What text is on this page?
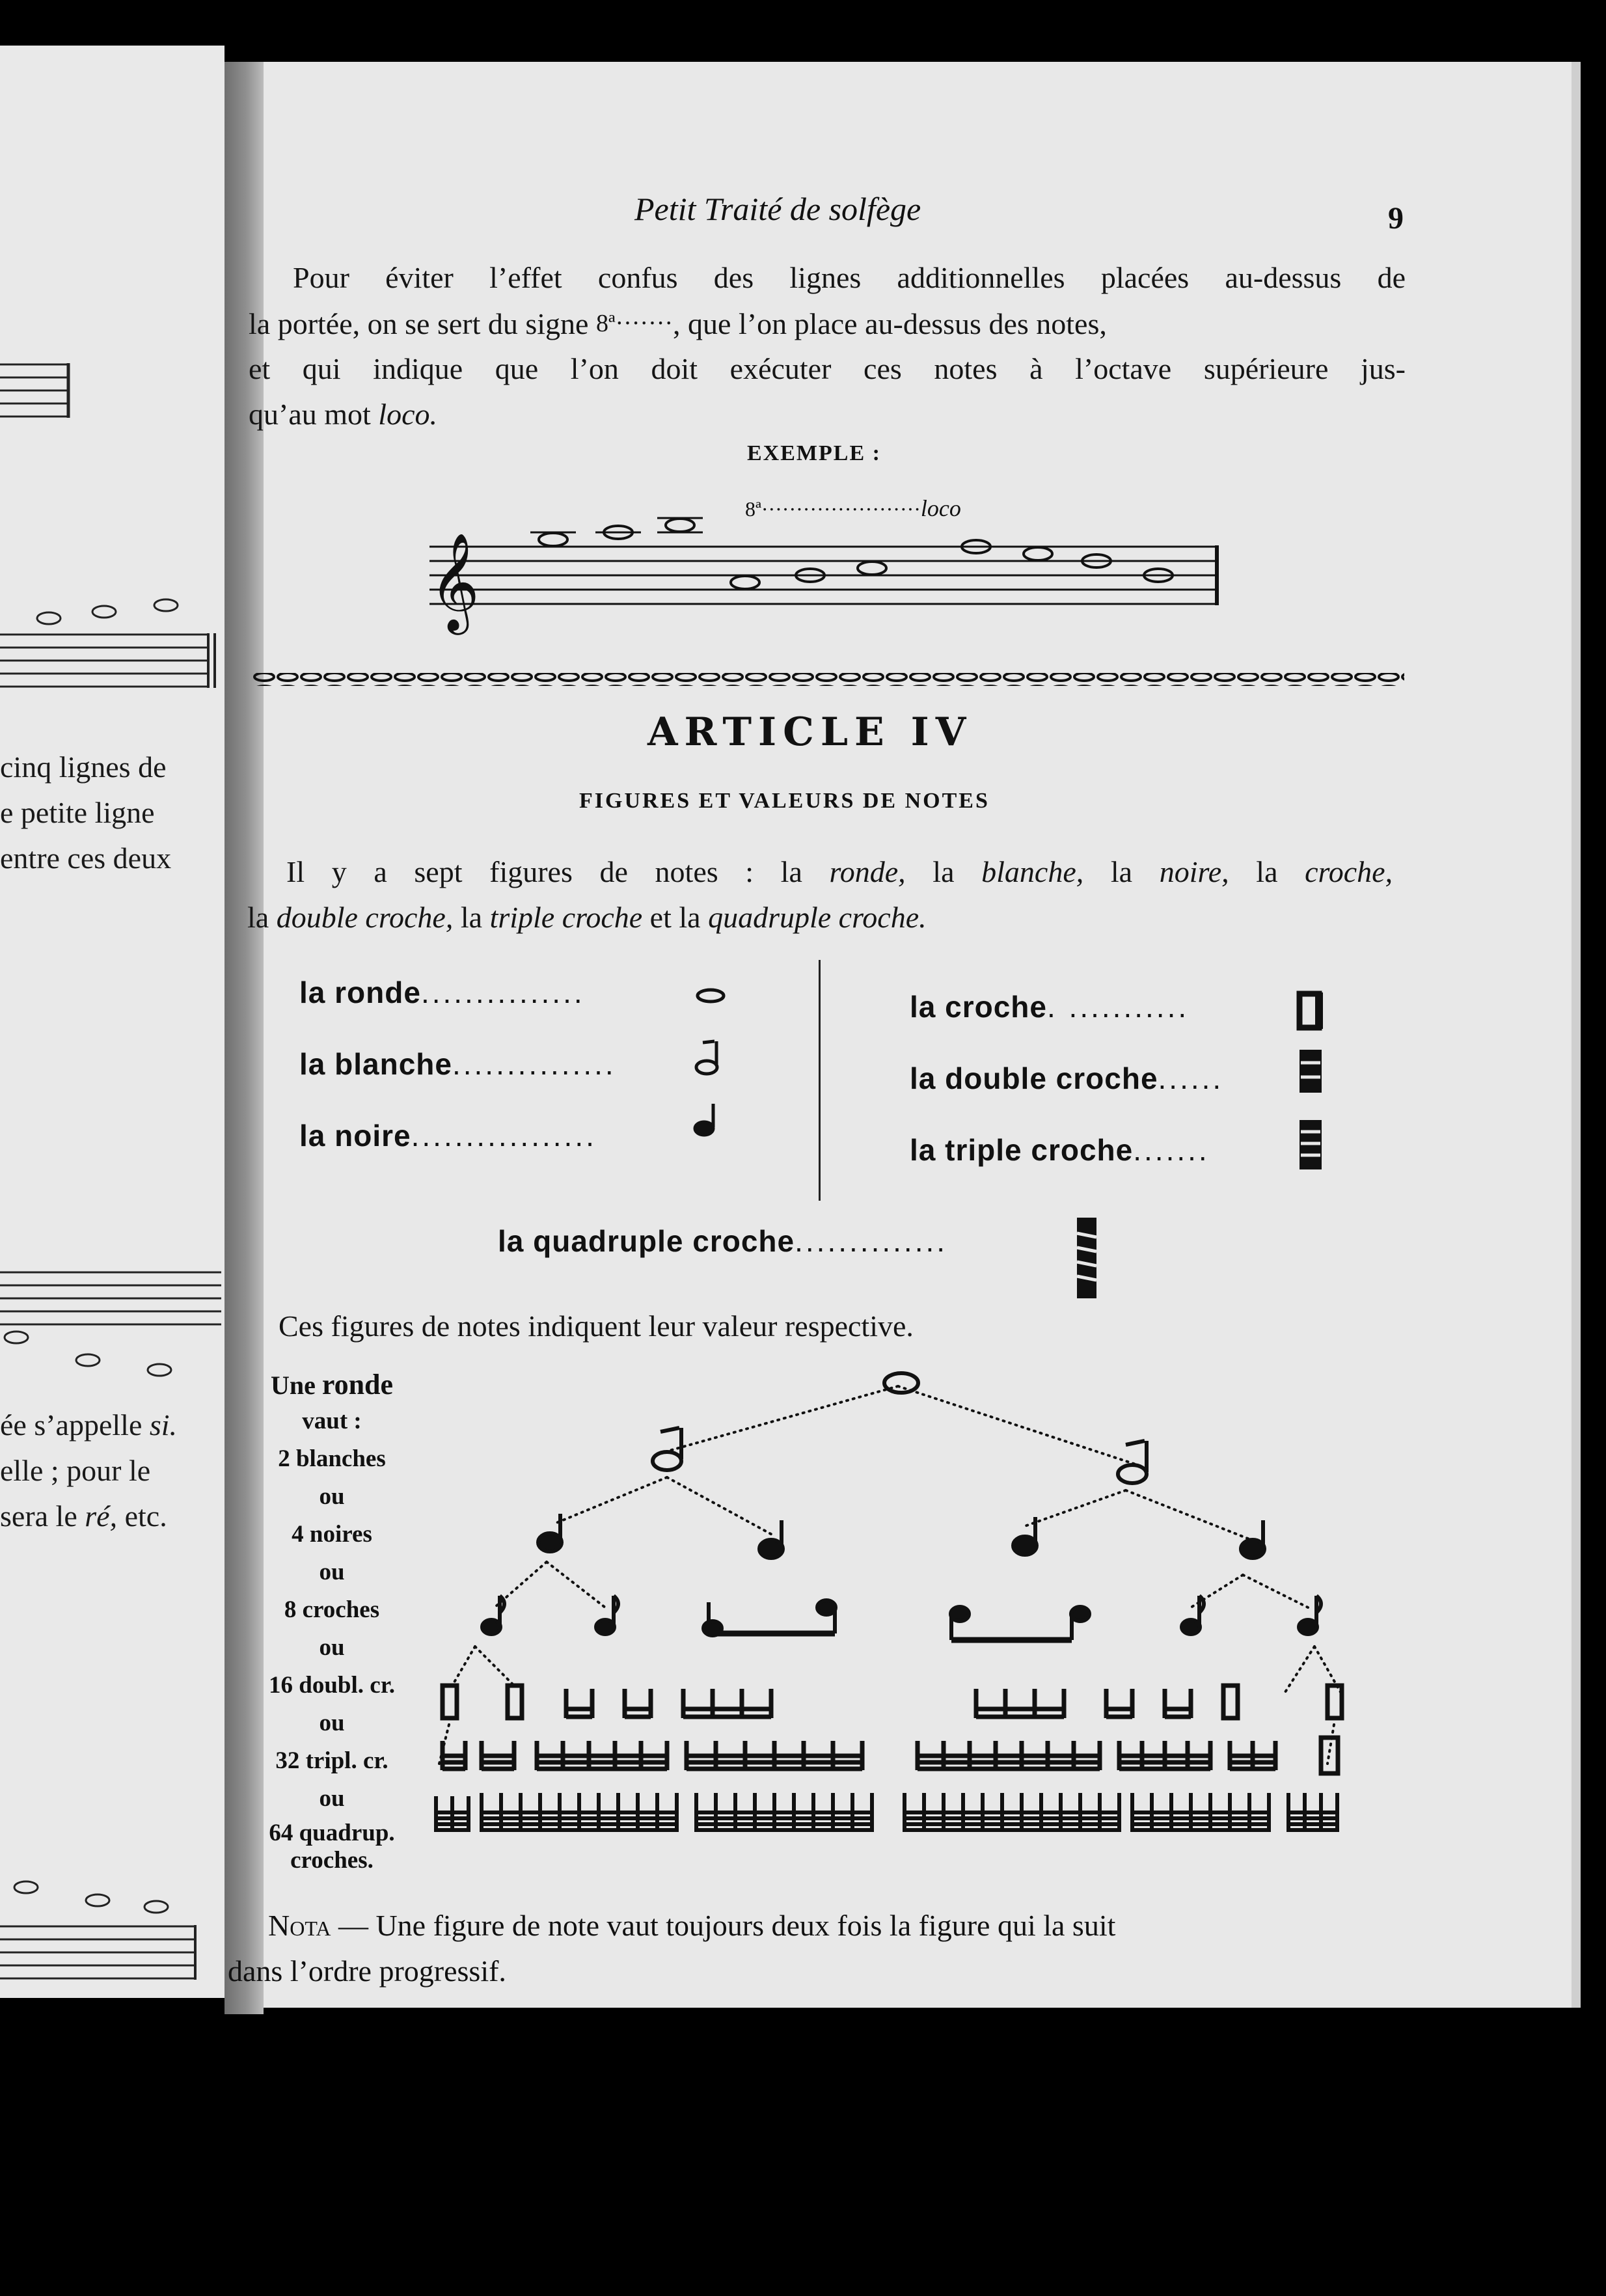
cinq lignes de
e petite ligne
entre ces deux
ée s’appelle si.
elle ; pour le
sera le ré, etc.
Petit Traité de solfège	9
Pour éviter l’effet confus des lignes additionnelles placées au-dessus de
la portée, on se sert du signe 8ª·······, que l’on place au-dessus des notes,
et qui indique que l’on doit exécuter ces notes à l’octave supérieure jus-
qu’au mot loco.
EXEMPLE :
8ª·······················loco
𝄞
ARTICLE IV
FIGURES ET VALEURS DE NOTES
Il y a sept figures de notes : la ronde, la blanche, la noire, la croche,
la double croche, la triple croche et la quadruple croche.
la ronde...............
la blanche...............
la noire.................
la croche. ...........
la double croche......
la triple croche.......
la quadruple croche..............
Ces figures de notes indiquent leur valeur respective.
Une ronde
vaut :
2 blanches
ou
4 noires
ou
8 croches
ou
16 doubl. cr.
ou
32 tripl. cr.
ou
64 quadrup.
croches.
Nota — Une figure de note vaut toujours deux fois la figure qui la suit
dans l’ordre progressif.
